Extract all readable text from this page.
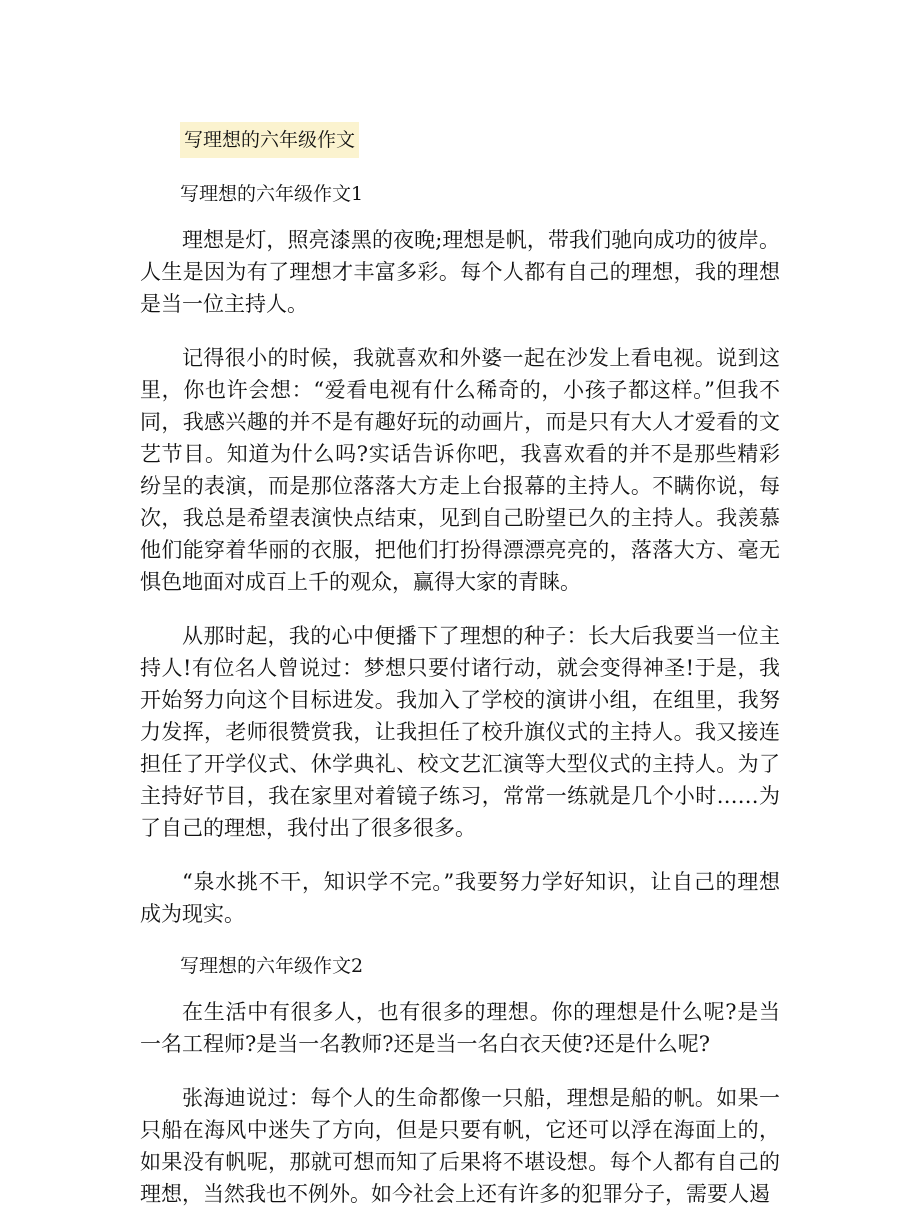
写理想的六年级作文
写理想的六年级作文1

理想是灯，照亮漆黑的夜晚;理想是帆，带我们驰向成功的彼岸。人生是因为有了理想才丰富多彩。每个人都有自己的理想，我的理想是当一位主持人。

记得很小的时候，我就喜欢和外婆一起在沙发上看电视。说到这里，你也许会想：“爱看电视有什么稀奇的，小孩子都这样。”但我不同，我感兴趣的并不是有趣好玩的动画片，而是只有大人才爱看的文艺节目。知道为什么吗?实话告诉你吧，我喜欢看的并不是那些精彩纷呈的表演，而是那位落落大方走上台报幕的主持人。不瞒你说，每次，我总是希望表演快点结束，见到自己盼望已久的主持人。我羡慕他们能穿着华丽的衣服，把他们打扮得漂漂亮亮的，落落大方、毫无惧色地面对成百上千的观众，赢得大家的青睐。

从那时起，我的心中便播下了理想的种子：长大后我要当一位主持人!有位名人曾说过：梦想只要付诸行动，就会变得神圣!于是，我开始努力向这个目标进发。我加入了学校的演讲小组，在组里，我努力发挥，老师很赞赏我，让我担任了校升旗仪式的主持人。我又接连担任了开学仪式、休学典礼、校文艺汇演等大型仪式的主持人。为了主持好节目，我在家里对着镜子练习，常常一练就是几个小时……为了自己的理想，我付出了很多很多。

“泉水挑不干，知识学不完。”我要努力学好知识，让自己的理想成为现实。

写理想的六年级作文2

在生活中有很多人，也有很多的理想。你的理想是什么呢?是当一名工程师?是当一名教师?还是当一名白衣天使?还是什么呢?

张海迪说过：每个人的生命都像一只船，理想是船的帆。如果一只船在海风中迷失了方向，但是只要有帆，它还可以浮在海面上的，如果没有帆呢，那就可想而知了后果将不堪设想。每个人都有自己的理想，当然我也不例外。如今社会上还有许多的犯罪分子，需要人遏
